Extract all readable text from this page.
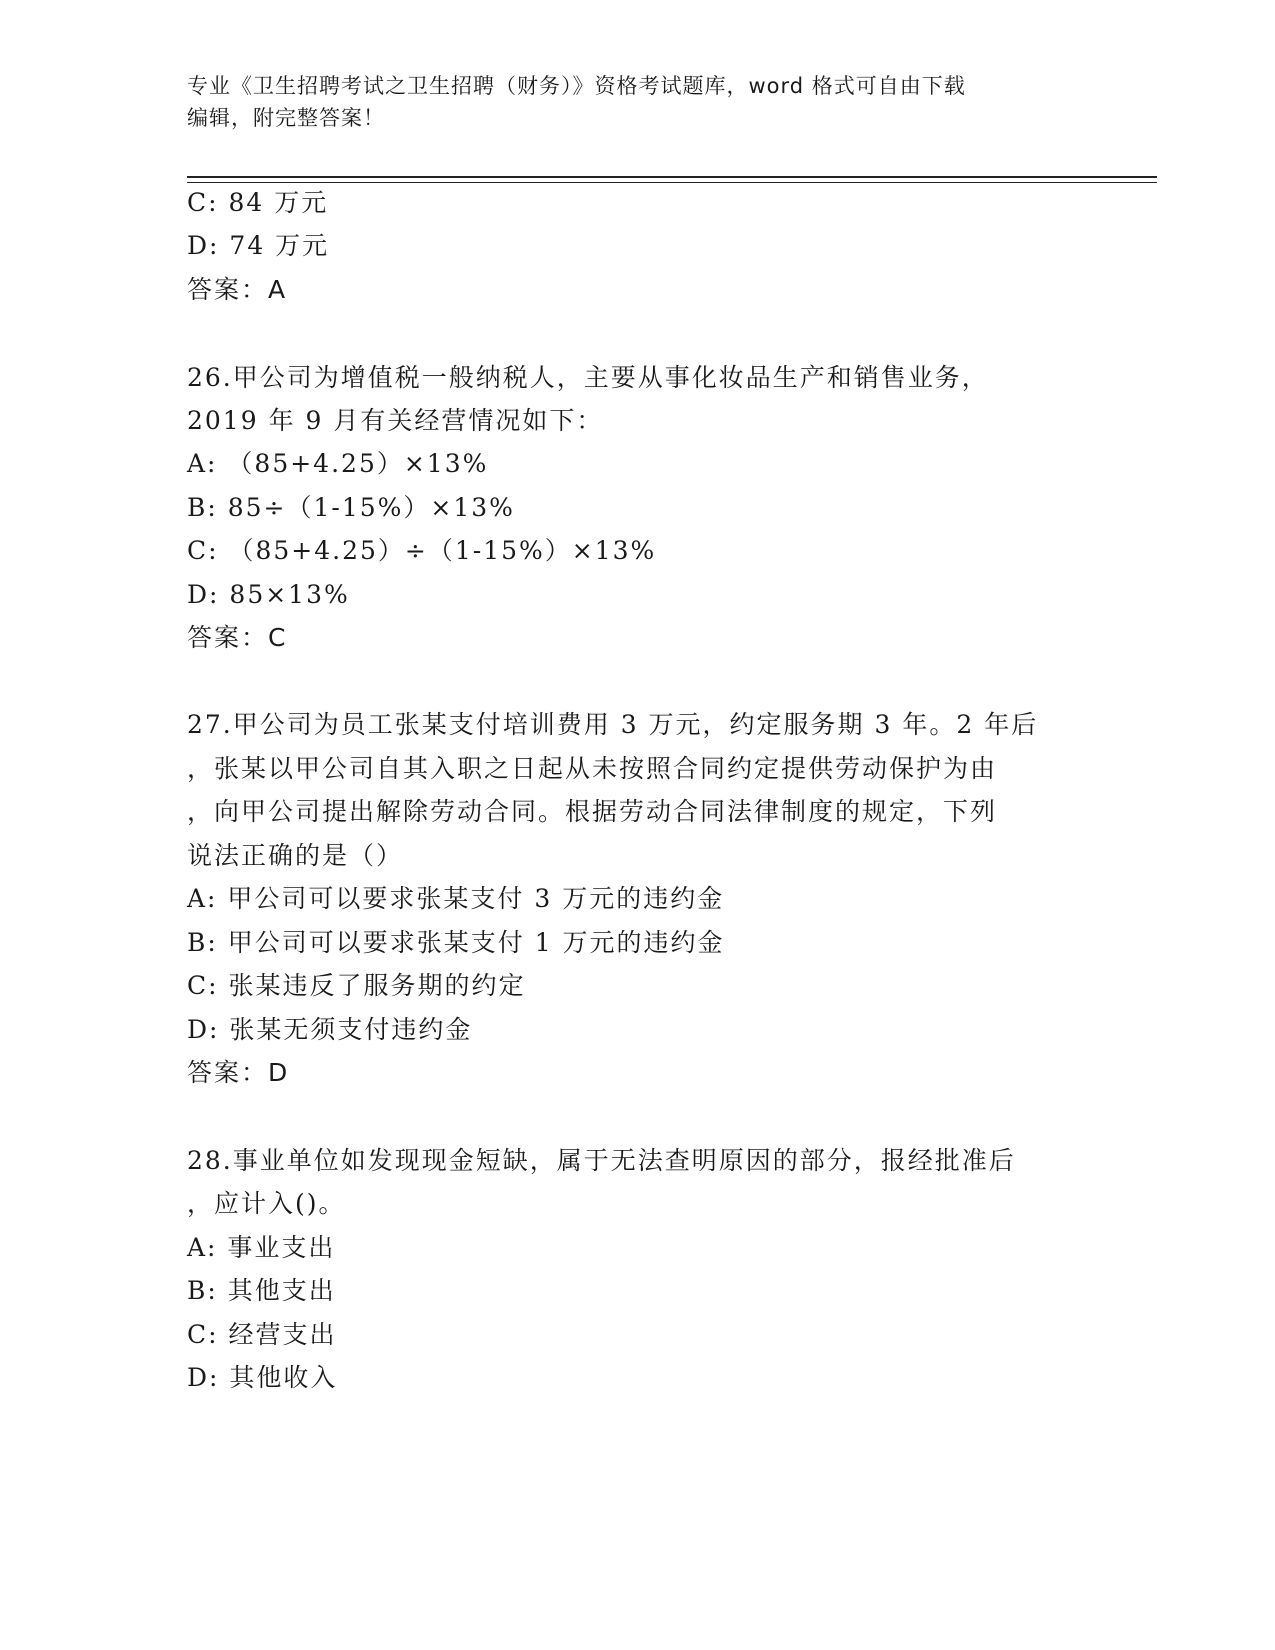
专业《卫生招聘考试之卫生招聘（财务）》资格考试题库，word 格式可自由下载
编辑，附完整答案！
C: 84 万元
D: 74 万元
答案：A
26.甲公司为增值税一般纳税人，主要从事化妆品生产和销售业务，
2019 年 9 月有关经营情况如下：
A: （85+4.25）×13%
B: 85÷（1-15%）×13%
C: （85+4.25）÷（1-15%）×13%
D: 85×13%
答案：C
27.甲公司为员工张某支付培训费用 3 万元，约定服务期 3 年。2 年后
，张某以甲公司自其入职之日起从未按照合同约定提供劳动保护为由
，向甲公司提出解除劳动合同。根据劳动合同法律制度的规定，下列
说法正确的是（）
A: 甲公司可以要求张某支付 3 万元的违约金
B: 甲公司可以要求张某支付 1 万元的违约金
C: 张某违反了服务期的约定
D: 张某无须支付违约金
答案：D
28.事业单位如发现现金短缺，属于无法查明原因的部分，报经批准后
，应计入()。
A: 事业支出
B: 其他支出
C: 经营支出
D: 其他收入
